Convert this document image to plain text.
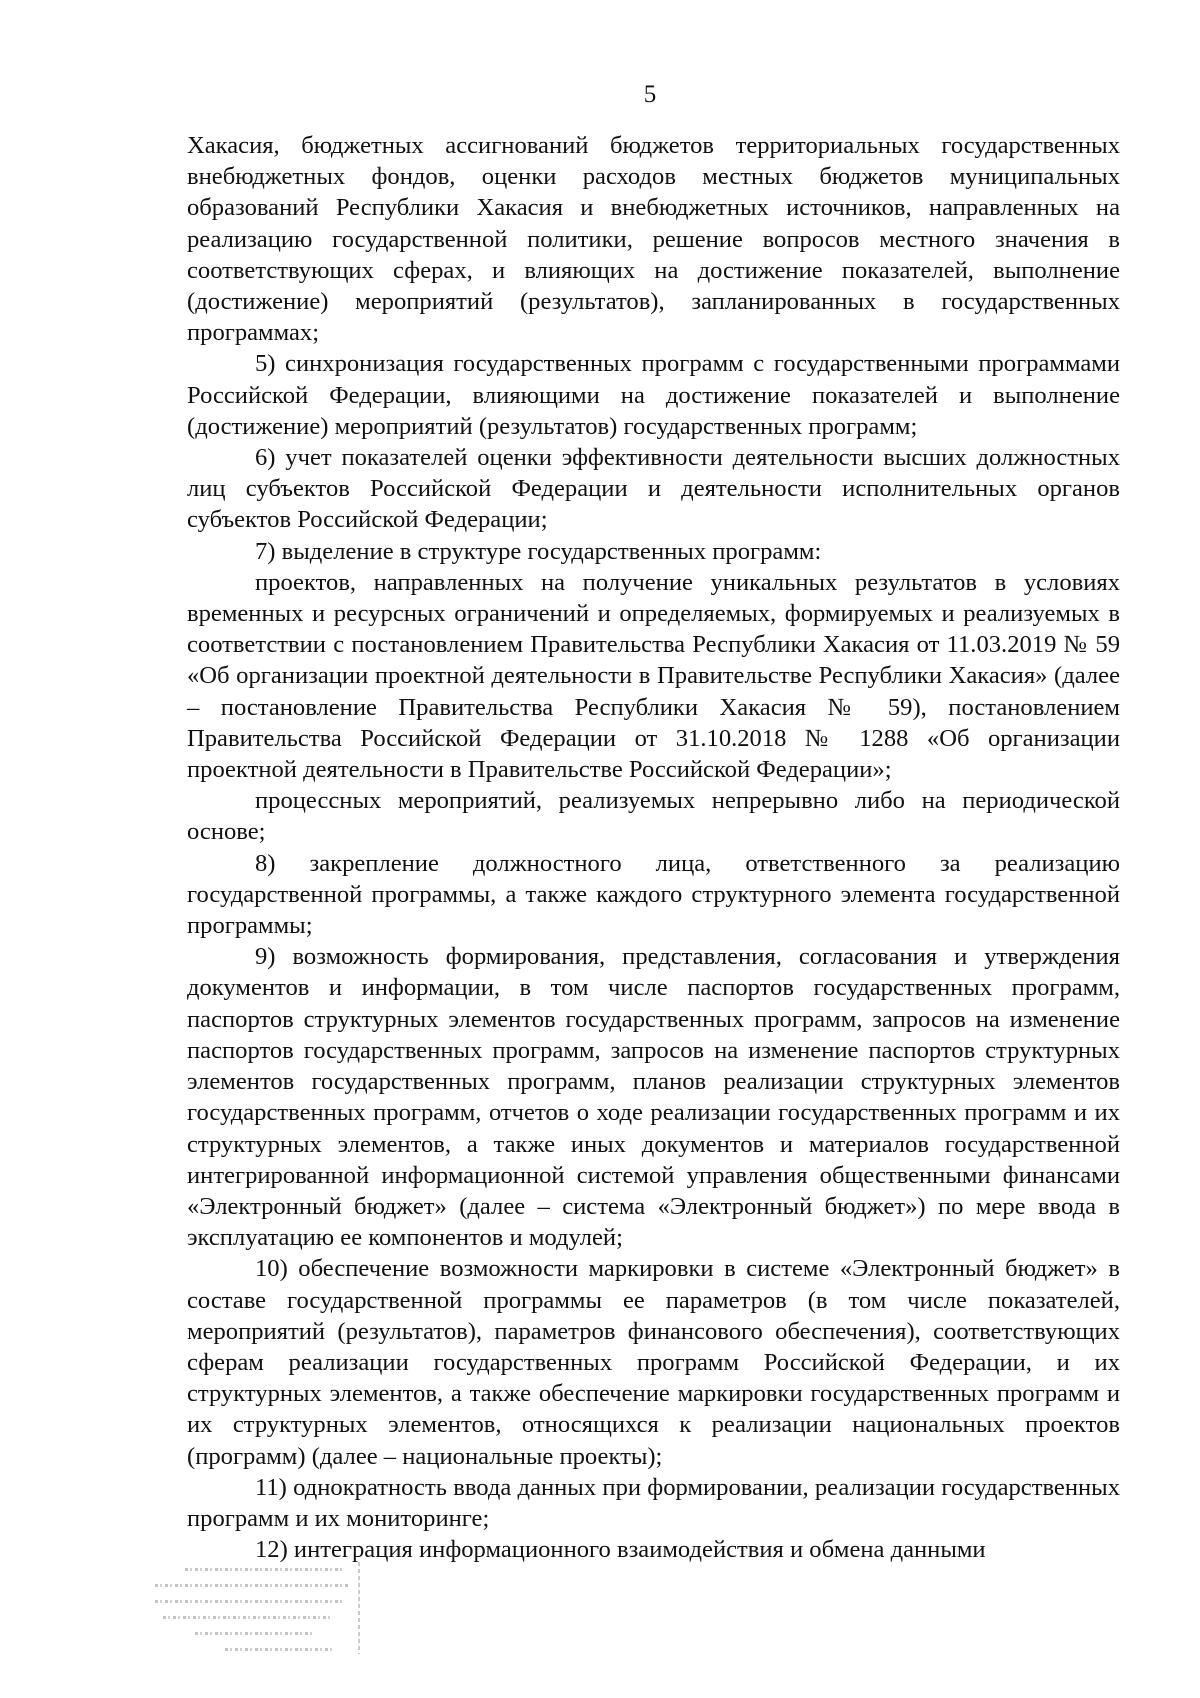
5

Хакасия, бюджетных ассигнований бюджетов территориальных государственных внебюджетных фондов, оценки расходов местных бюджетов муниципальных образований Республики Хакасия и внебюджетных источников, направленных на реализацию государственной политики, решение вопросов местного значения в соответствующих сферах, и влияющих на достижение показателей, выполнение (достижение) мероприятий (результатов), запланированных в государственных программах;

5) синхронизация государственных программ с государственными программами Российской Федерации, влияющими на достижение показателей и выполнение (достижение) мероприятий (результатов) государственных программ;

6) учет показателей оценки эффективности деятельности высших должностных лиц субъектов Российской Федерации и деятельности исполнительных органов субъектов Российской Федерации;

7) выделение в структуре государственных программ:

проектов, направленных на получение уникальных результатов в условиях временных и ресурсных ограничений и определяемых, формируемых и реализуемых в соответствии с постановлением Правительства Республики Хакасия от 11.03.2019 № 59 «Об организации проектной деятельности в Правительстве Республики Хакасия» (далее – постановление Правительства Республики Хакасия № 59), постановлением Правительства Российской Федерации от 31.10.2018 № 1288 «Об организации проектной деятельности в Правительстве Российской Федерации»;

процессных мероприятий, реализуемых непрерывно либо на периодической основе;

8) закрепление должностного лица, ответственного за реализацию государственной программы, а также каждого структурного элемента государственной программы;

9) возможность формирования, представления, согласования и утверждения документов и информации, в том числе паспортов государственных программ, паспортов структурных элементов государственных программ, запросов на изменение паспортов государственных программ, запросов на изменение паспортов структурных элементов государственных программ, планов реализации структурных элементов государственных программ, отчетов о ходе реализации государственных программ и их структурных элементов, а также иных документов и материалов государственной интегрированной информационной системой управления общественными финансами «Электронный бюджет» (далее – система «Электронный бюджет») по мере ввода в эксплуатацию ее компонентов и модулей;

10) обеспечение возможности маркировки в системе «Электронный бюджет» в составе государственной программы ее параметров (в том числе показателей, мероприятий (результатов), параметров финансового обеспечения), соответствующих сферам реализации государственных программ Российской Федерации, и их структурных элементов, а также обеспечение маркировки государственных программ и их структурных элементов, относящихся к реализации национальных проектов (программ) (далее – национальные проекты);

11) однократность ввода данных при формировании, реализации государственных программ и их мониторинге;

12) интеграция информационного взаимодействия и обмена данными
